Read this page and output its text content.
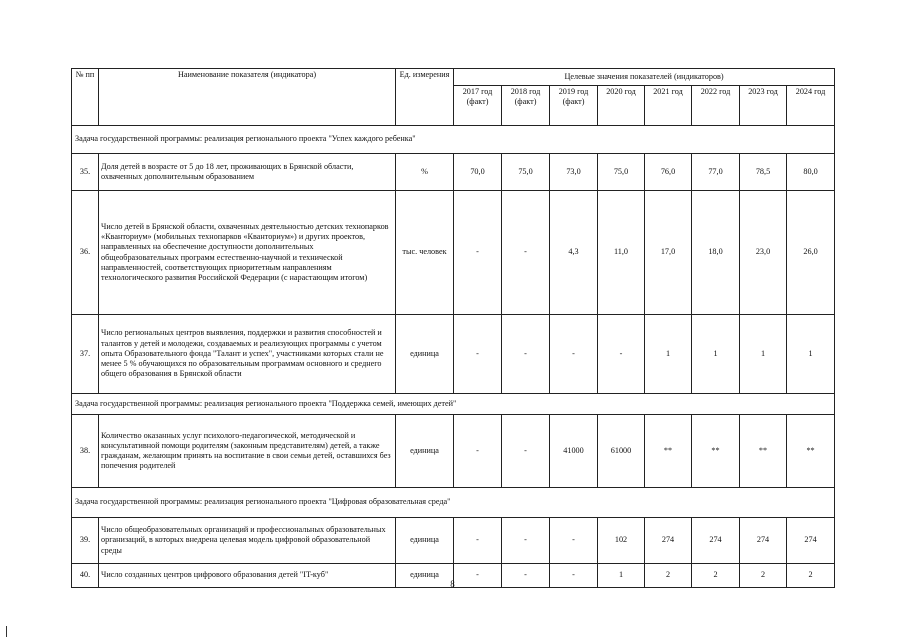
№ пп	Наименование показателя (индикатора)	Ед. измерения	Целевые значения показателей (индикаторов)							
			2017 год (факт)	2018 год (факт)	2019 год (факт)	2020 год	2021 год	2022 год	2023 год	2024 год
Задача государственной программы: реализация регионального проекта "Успех каждого ребенка"										
35.	Доля детей в возрасте от 5 до 18 лет, проживающих в Брянской области, охваченных дополнительным образованием	%	70,0	75,0	73,0	75,0	76,0	77,0	78,5	80,0
36.	Число детей в Брянской области, охваченных деятельностью детских технопарков «Кванториум» (мобильных технопарков «Кванториум») и других проектов, направленных на обеспечение доступности дополнительных общеобразовательных программ естественно-научной и технической направленностей, соответствующих приоритетным направлениям технологического развития Российской Федерации (с нарастающим итогом)	тыс. человек	-	-	4,3	11,0	17,0	18,0	23,0	26,0
37.	Число региональных центров выявления, поддержки и развития способностей и талантов у детей и молодежи, создаваемых и реализующих программы с учетом опыта Образовательного фонда "Талант и успех", участниками которых стали не менее 5 % обучающихся по образовательным программам основного и среднего общего образования в Брянской области	единица	-	-	-	-	1	1	1	1
Задача государственной программы: реализация регионального проекта "Поддержка семей, имеющих детей"										
38.	Количество оказанных услуг психолого-педагогической, методической и консультативной помощи родителям (законным представителям) детей, а также гражданам, желающим принять на воспитание в свои семьи детей, оставшихся без попечения родителей	единица	-	-	41000	61000	**	**	**	**
Задача государственной программы: реализация регионального проекта "Цифровая образовательная среда"										
39.	Число общеобразовательных организаций и профессиональных образовательных организаций, в которых внедрена целевая модель цифровой образовательной среды	единица	-	-	-	102	274	274	274	274
40.	Число созданных центров цифрового образования детей "IT-куб"	единица	-	-	-	1	2	2	2	2
8
